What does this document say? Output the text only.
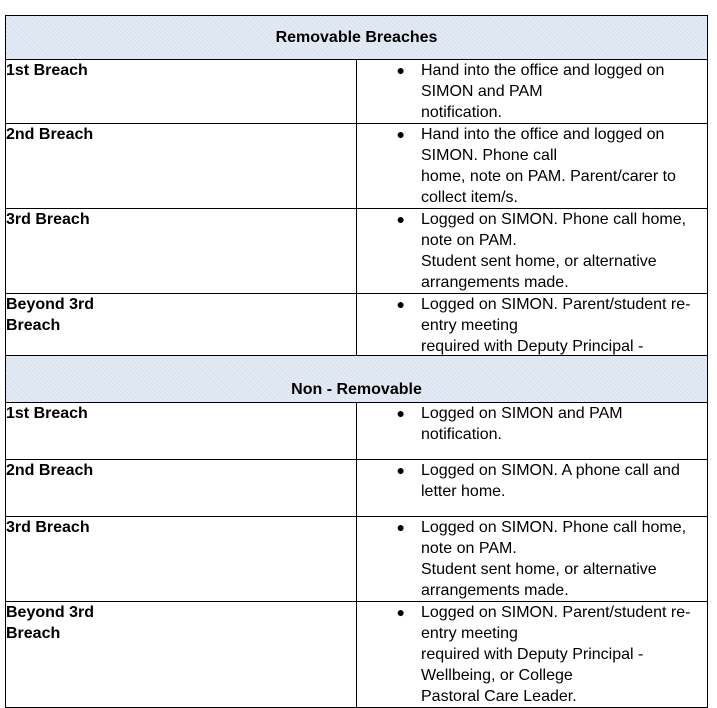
Removable Breaches	
1st Breach	● Hand into the office and logged on SIMON and PAM
notification.

2nd Breach	● Hand into the office and logged on SIMON. Phone call
home, note on PAM. Parent/carer to collect item/s.

3rd Breach	● Logged on SIMON. Phone call home, note on PAM.
Student sent home, or alternative arrangements made.

Beyond 3rd
Breach	● Logged on SIMON. Parent/student re-entry meeting
required with Deputy Principal -

Non - Removable	
1st Breach	● Logged on SIMON and PAM notification.

2nd Breach	● Logged on SIMON. A phone call and letter home.

3rd Breach	● Logged on SIMON. Phone call home, note on PAM.
Student sent home, or alternative arrangements made.

Beyond 3rd
Breach	● Logged on SIMON. Parent/student re-entry meeting
required with Deputy Principal - Wellbeing, or College
Pastoral Care Leader.
